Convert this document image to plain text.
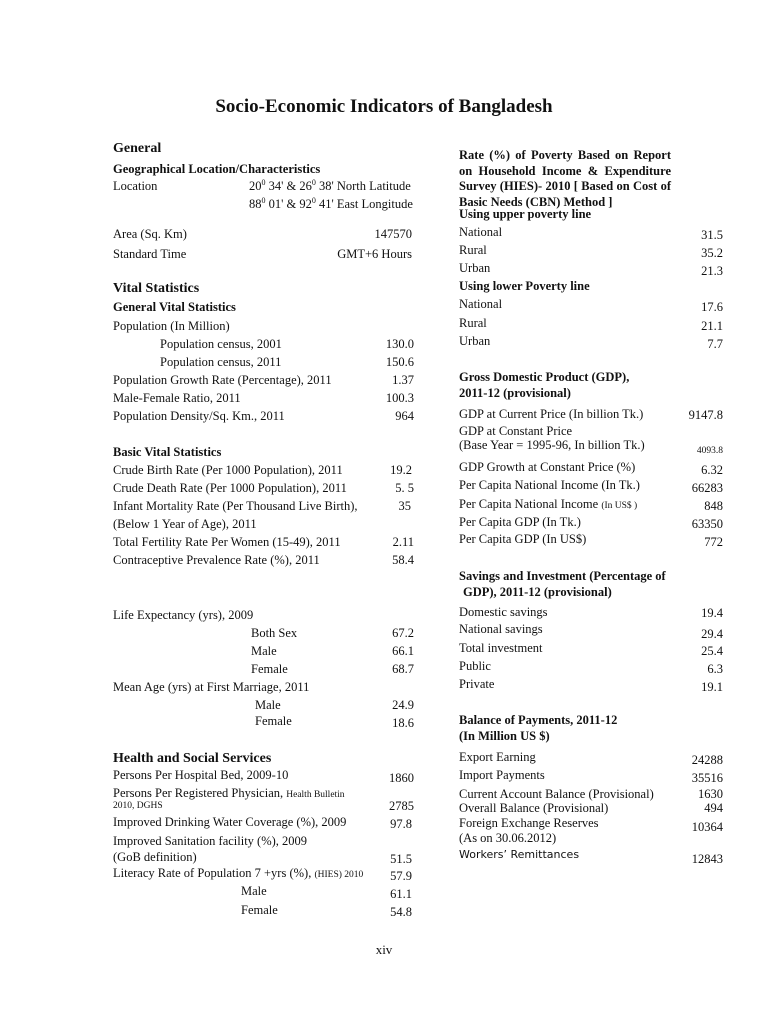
Socio-Economic Indicators of Bangladesh
General
Geographical Location/Characteristics
Location	$20^0$ 34' & $26^0$ 38' North Latitude
$88^0$ 01' & $92^0$ 41' East Longitude
Area (Sq. Km)	147570
Standard Time	GMT+6 Hours
Vital Statistics
General Vital Statistics
Population (In Million)
Population census, 2001	130.0
Population census, 2011	150.6
Population Growth Rate (Percentage), 2011	1.37
Male-Female Ratio, 2011	100.3
Population Density/Sq. Km., 2011	964
Basic Vital Statistics
Crude Birth Rate (Per 1000 Population), 2011	19.2
Crude Death Rate (Per 1000 Population), 2011	5. 5
Infant Mortality Rate (Per Thousand Live Birth),	35
(Below 1 Year of Age), 2011
Total Fertility Rate Per Women (15-49), 2011	2.11
Contraceptive Prevalence Rate (%), 2011	58.4
Life Expectancy (yrs), 2009
Both Sex	67.2
Male	66.1
Female	68.7
Mean Age (yrs) at First Marriage, 2011
Male	24.9
Female	18.6
Health and Social Services
Persons Per Hospital Bed, 2009-10	1860
Persons Per Registered Physician, Health Bulletin
2010, DGHS	2785
Improved Drinking Water Coverage (%), 2009	97.8
Improved Sanitation facility (%), 2009
(GoB definition)	51.5
Literacy Rate of Population 7 +yrs (%), (HIES) 2010	57.9
Male	61.1
Female	54.8
Rate (%) of Poverty Based on Report on Household Income & Expenditure Survey (HIES)- 2010 [ Based on Cost of Basic Needs (CBN) Method ]
Using upper poverty line
National	31.5
Rural	35.2
Urban	21.3
Using lower Poverty line
National	17.6
Rural	21.1
Urban	7.7
Gross Domestic Product (GDP),
2011-12 (provisional)
GDP at Current Price (In billion Tk.)	9147.8
GDP at Constant Price
(Base Year = 1995-96, In billion Tk.)	4093.8
GDP Growth at Constant Price (%)	6.32
Per Capita National Income (In Tk.)	66283
Per Capita National Income (In US$ )	848
Per Capita GDP (In Tk.)	63350
Per Capita GDP (In US$)	772
Savings and Investment (Percentage of
GDP), 2011-12 (provisional)
Domestic savings	19.4
National savings	29.4
Total investment	25.4
Public	6.3
Private	19.1
Balance of Payments, 2011-12
(In Million US $)
Export Earning	24288
Import Payments	35516
Current Account Balance (Provisional)	1630
Overall Balance (Provisional)	494
Foreign Exchange Reserves	10364
(As on 30.06.2012)
Workers’ Remittances	12843
xiv
